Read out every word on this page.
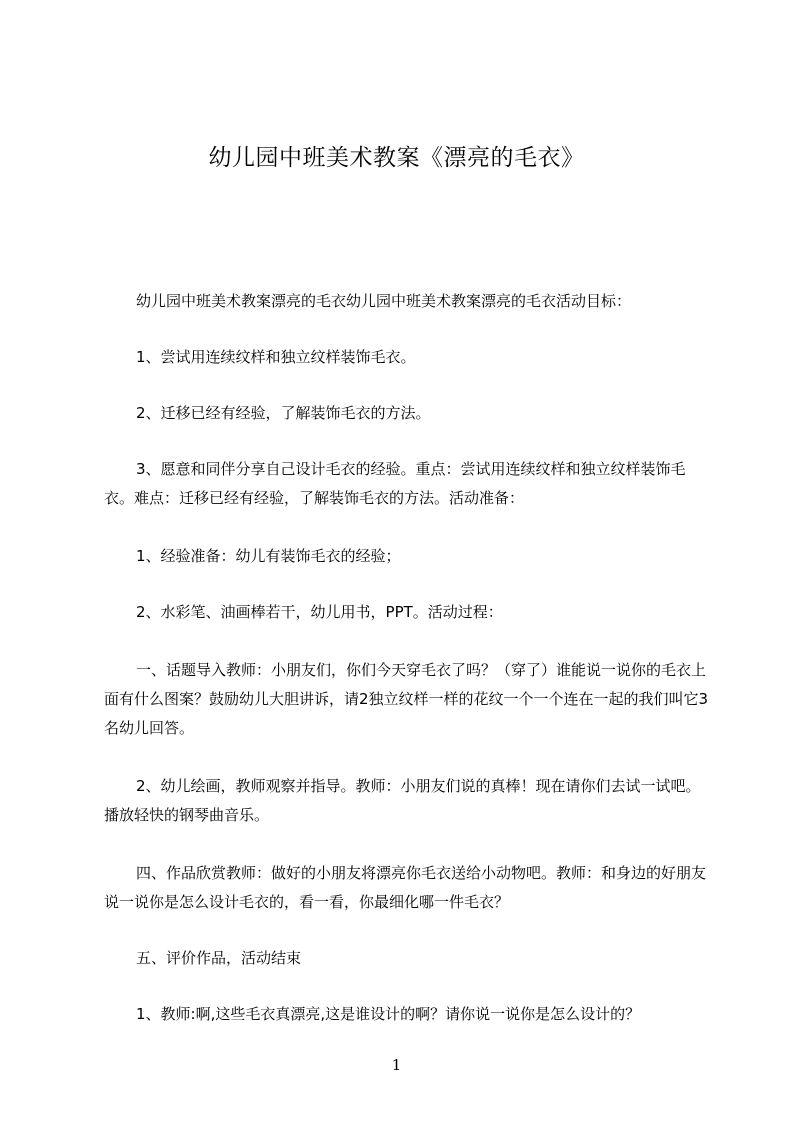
幼儿园中班美术教案《漂亮的毛衣》

幼儿园中班美术教案漂亮的毛衣幼儿园中班美术教案漂亮的毛衣活动目标：

1、尝试用连续纹样和独立纹样装饰毛衣。

2、迁移已经有经验，了解装饰毛衣的方法。

3、愿意和同伴分享自己设计毛衣的经验。重点：尝试用连续纹样和独立纹样装饰毛衣。难点：迁移已经有经验，了解装饰毛衣的方法。活动准备：

1、经验准备：幼儿有装饰毛衣的经验；

2、水彩笔、油画棒若干，幼儿用书，PPT。活动过程：

一、话题导入教师：小朋友们，你们今天穿毛衣了吗？（穿了）谁能说一说你的毛衣上面有什么图案？鼓励幼儿大胆讲诉，请2独立纹样一样的花纹一个一个连在一起的我们叫它3名幼儿回答。

2、幼儿绘画，教师观察并指导。教师：小朋友们说的真棒！现在请你们去试一试吧。播放轻快的钢琴曲音乐。

四、作品欣赏教师：做好的小朋友将漂亮你毛衣送给小动物吧。教师：和身边的好朋友说一说你是怎么设计毛衣的，看一看，你最细化哪一件毛衣？

五、评价作品，活动结束

1、教师:啊,这些毛衣真漂亮,这是谁设计的啊？请你说一说你是怎么设计的？

1
